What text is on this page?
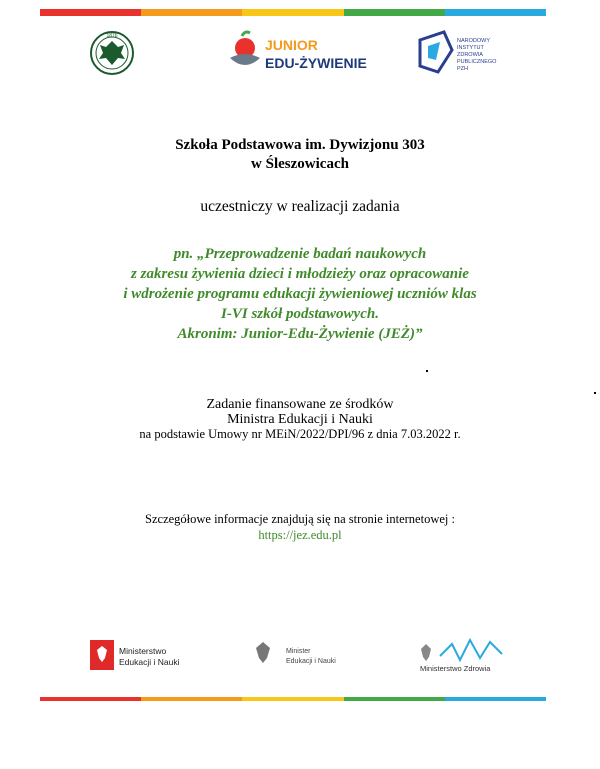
1876
JUNIOR
EDU-ŻYWIENIE
NARODOWY
INSTYTUT
ZDROWIA
PUBLICZNEGO
PZH
Szkoła Podstawowa im. Dywizjonu 303
w Śleszowicach
uczestniczy w realizacji zadania
pn. „Przeprowadzenie badań naukowych
z zakresu żywienia dzieci i młodzieży oraz opracowanie
i wdrożenie programu edukacji żywieniowej uczniów klas
I-VI szkół podstawowych.
Akronim: Junior-Edu-Żywienie (JEŻ)”
Zadanie finansowane ze środków
Ministra Edukacji i Nauki
na podstawie Umowy nr MEiN/2022/DPI/96 z dnia 7.03.2022 r.
Szczegółowe informacje znajdują się na stronie internetowej :
https://jez.edu.pl
Ministerstwo
Edukacji i Nauki
Minister
Edukacji i Nauki
Ministerstwo Zdrowia
